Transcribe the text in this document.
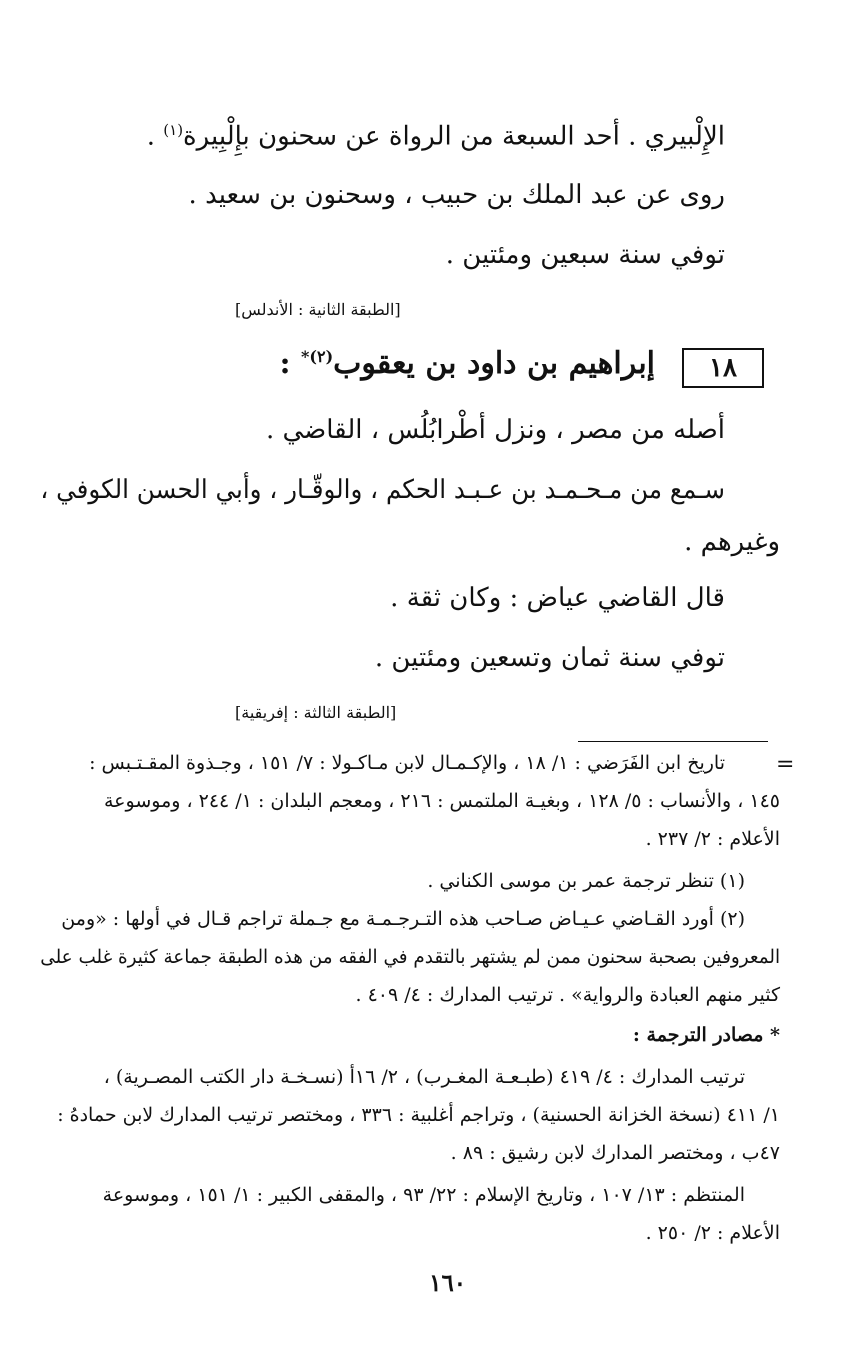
الإِلْبيري . أحد السبعة من الرواة عن سحنون بإِلْبِيرة$^{(١)}$ .
روى عن عبد الملك بن حبيب ، وسحنون بن سعيد .
توفي سنة سبعين ومئتين .
[الطبقة الثانية : الأندلس]
١٨
إبراهيم بن داود بن يعقوب$^{(٢)*}$ :
أصله من مصر ، ونزل أطْرابُلُس ، القاضي .
سـمع من مـحـمـد بن عـبـد الحكم ، والوقّـار ، وأبي الحسن الكوفي ،
وغيرهم .
قال القاضي عياض : وكان ثقة .
توفي سنة ثمان وتسعين ومئتين .
[الطبقة الثالثة : إفريقية]
=
تاريخ ابن الفَرَضي : ١/ ١٨ ، والإكـمـال لابن مـاكـولا : ٧/ ١٥١ ، وجـذوة المقـتـبس :
١٤٥ ، والأنساب : ٥/ ١٢٨ ، وبغيـة الملتمس : ٢١٦ ، ومعجم البلدان : ١/ ٢٤٤ ، وموسوعة
الأعلام : ٢/ ٢٣٧ .
(١) تنظر ترجمة عمر بن موسى الكناني .
(٢) أورد القـاضي عـيـاض صـاحب هذه التـرجـمـة مع جـملة تراجم قـال في أولها : «ومن
المعروفين بصحبة سحنون ممن لم يشتهر بالتقدم في الفقه من هذه الطبقة جماعة كثيرة غلب على
كثير منهم العبادة والرواية» . ترتيب المدارك : ٤/ ٤٠٩ .
* مصادر الترجمة :
ترتيب المدارك : ٤/ ٤١٩ (طبـعـة المغـرب) ، ٢/ ١٦أ (نسـخـة دار الكتب المصـرية) ،
١/ ٤١١ (نسخة الخزانة الحسنية) ، وتراجم أغلبية : ٣٣٦ ، ومختصر ترتيب المدارك لابن حمادهُ :
٤٧ب ، ومختصر المدارك لابن رشيق : ٨٩ .
المنتظم : ١٣/ ١٠٧ ، وتاريخ الإسلام : ٢٢/ ٩٣ ، والمقفى الكبير : ١/ ١٥١ ، وموسوعة
الأعلام : ٢/ ٢٥٠ .
١٦٠
